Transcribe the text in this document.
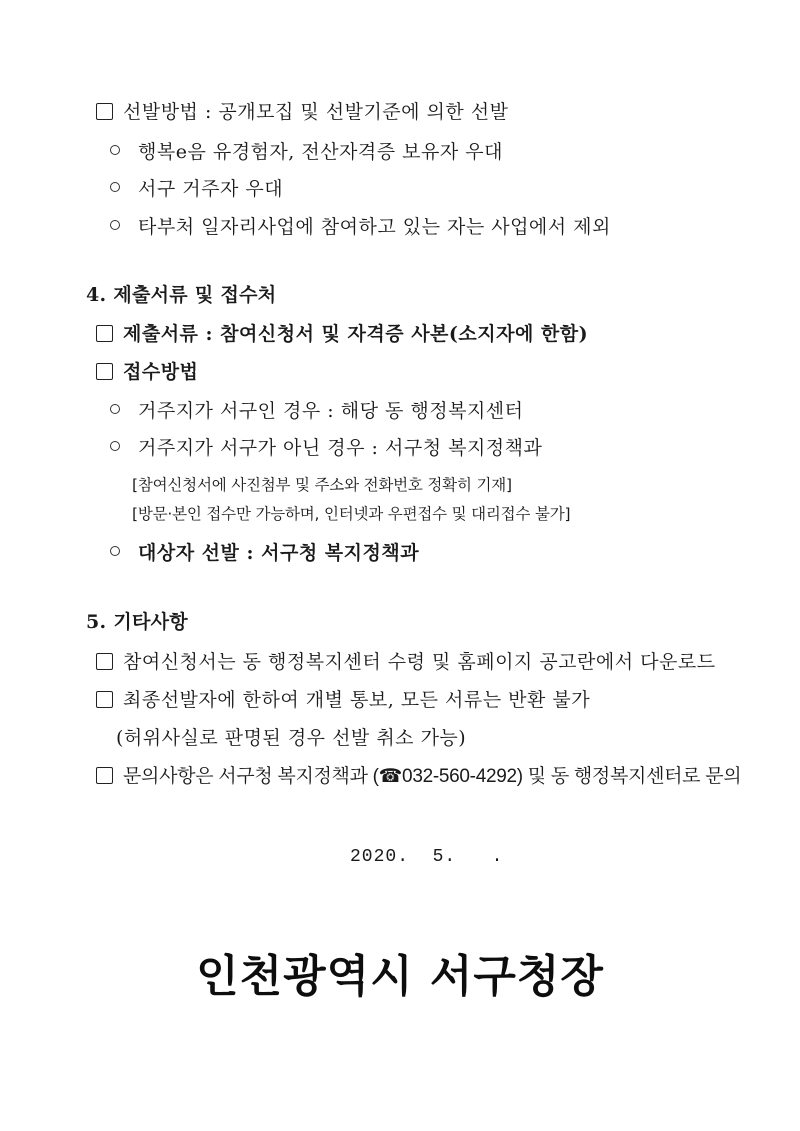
선발방법 : 공개모집 및 선발기준에 의한 선발
행복e음 유경험자, 전산자격증 보유자 우대
서구 거주자 우대
타부처 일자리사업에 참여하고 있는 자는 사업에서 제외
4. 제출서류 및 접수처
제출서류 : 참여신청서 및 자격증 사본(소지자에 한함)
접수방법
거주지가 서구인 경우 : 해당 동 행정복지센터
거주지가 서구가 아닌 경우 : 서구청 복지정책과
[참여신청서에 사진첨부 및 주소와 전화번호 정확히 기재]
[방문·본인 접수만 가능하며, 인터넷과 우편접수 및 대리접수 불가]
대상자 선발 : 서구청 복지정책과
5. 기타사항
참여신청서는 동 행정복지센터 수령 및 홈페이지 공고란에서 다운로드
최종선발자에 한하여 개별 통보, 모든 서류는 반환 불가
(허위사실로 판명된 경우 선발 취소 가능)
문의사항은 서구청 복지정책과 (☎032-560-4292) 및 동 행정복지센터로 문의
2020.  5.   .
인천광역시 서구청장
